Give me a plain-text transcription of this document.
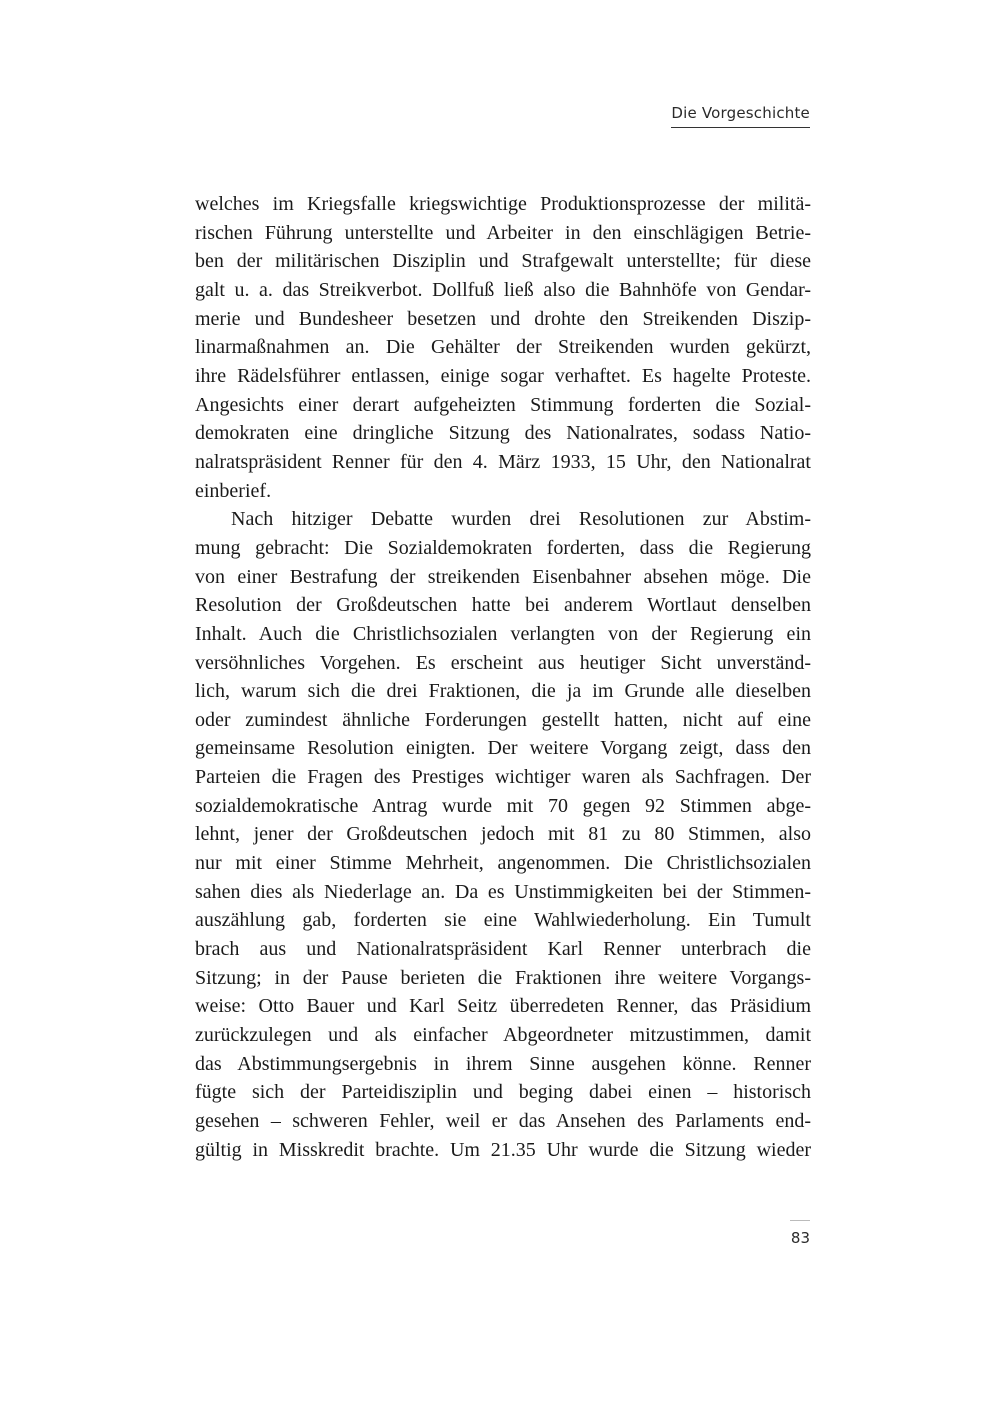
Die Vorgeschichte
welches im Kriegsfalle kriegswichtige Produktionsprozesse der militä-
rischen Führung unterstellte und Arbeiter in den einschlägigen Betrie-
ben der militärischen Disziplin und Strafgewalt unterstellte; für diese
galt u. a. das Streikverbot. Dollfuß ließ also die Bahnhöfe von Gendar-
merie und Bundesheer besetzen und drohte den Streikenden Diszip-
linarmaßnahmen an. Die Gehälter der Streikenden wurden gekürzt,
ihre Rädelsführer entlassen, einige sogar verhaftet. Es hagelte Proteste.
Angesichts einer derart aufgeheizten Stimmung forderten die Sozial-
demokraten eine dringliche Sitzung des Nationalrates, sodass Natio-
nalratspräsident Renner für den 4. März 1933, 15 Uhr, den Nationalrat
einberief.
Nach hitziger Debatte wurden drei Resolutionen zur Abstim-
mung gebracht: Die Sozialdemokraten forderten, dass die Regierung
von einer Bestrafung der streikenden Eisenbahner absehen möge. Die
Resolution der Großdeutschen hatte bei anderem Wortlaut denselben
Inhalt. Auch die Christlichsozialen verlangten von der Regierung ein
versöhnliches Vorgehen. Es erscheint aus heutiger Sicht unverständ-
lich, warum sich die drei Fraktionen, die ja im Grunde alle dieselben
oder zumindest ähnliche Forderungen gestellt hatten, nicht auf eine
gemeinsame Resolution einigten. Der weitere Vorgang zeigt, dass den
Parteien die Fragen des Prestiges wichtiger waren als Sachfragen. Der
sozialdemokratische Antrag wurde mit 70 gegen 92 Stimmen abge-
lehnt, jener der Großdeutschen jedoch mit 81 zu 80 Stimmen, also
nur mit einer Stimme Mehrheit, angenommen. Die Christlichsozialen
sahen dies als Niederlage an. Da es Unstimmigkeiten bei der Stimmen-
auszählung gab, forderten sie eine Wahlwiederholung. Ein Tumult
brach aus und Nationalratspräsident Karl Renner unterbrach die
Sitzung; in der Pause berieten die Fraktionen ihre weitere Vorgangs-
weise: Otto Bauer und Karl Seitz überredeten Renner, das Präsidium
zurückzulegen und als einfacher Abgeordneter mitzustimmen, damit
das Abstimmungsergebnis in ihrem Sinne ausgehen könne. Renner
fügte sich der Parteidisziplin und beging dabei einen – historisch
gesehen – schweren Fehler, weil er das Ansehen des Parlaments end-
gültig in Misskredit brachte. Um 21.35 Uhr wurde die Sitzung wieder
83
